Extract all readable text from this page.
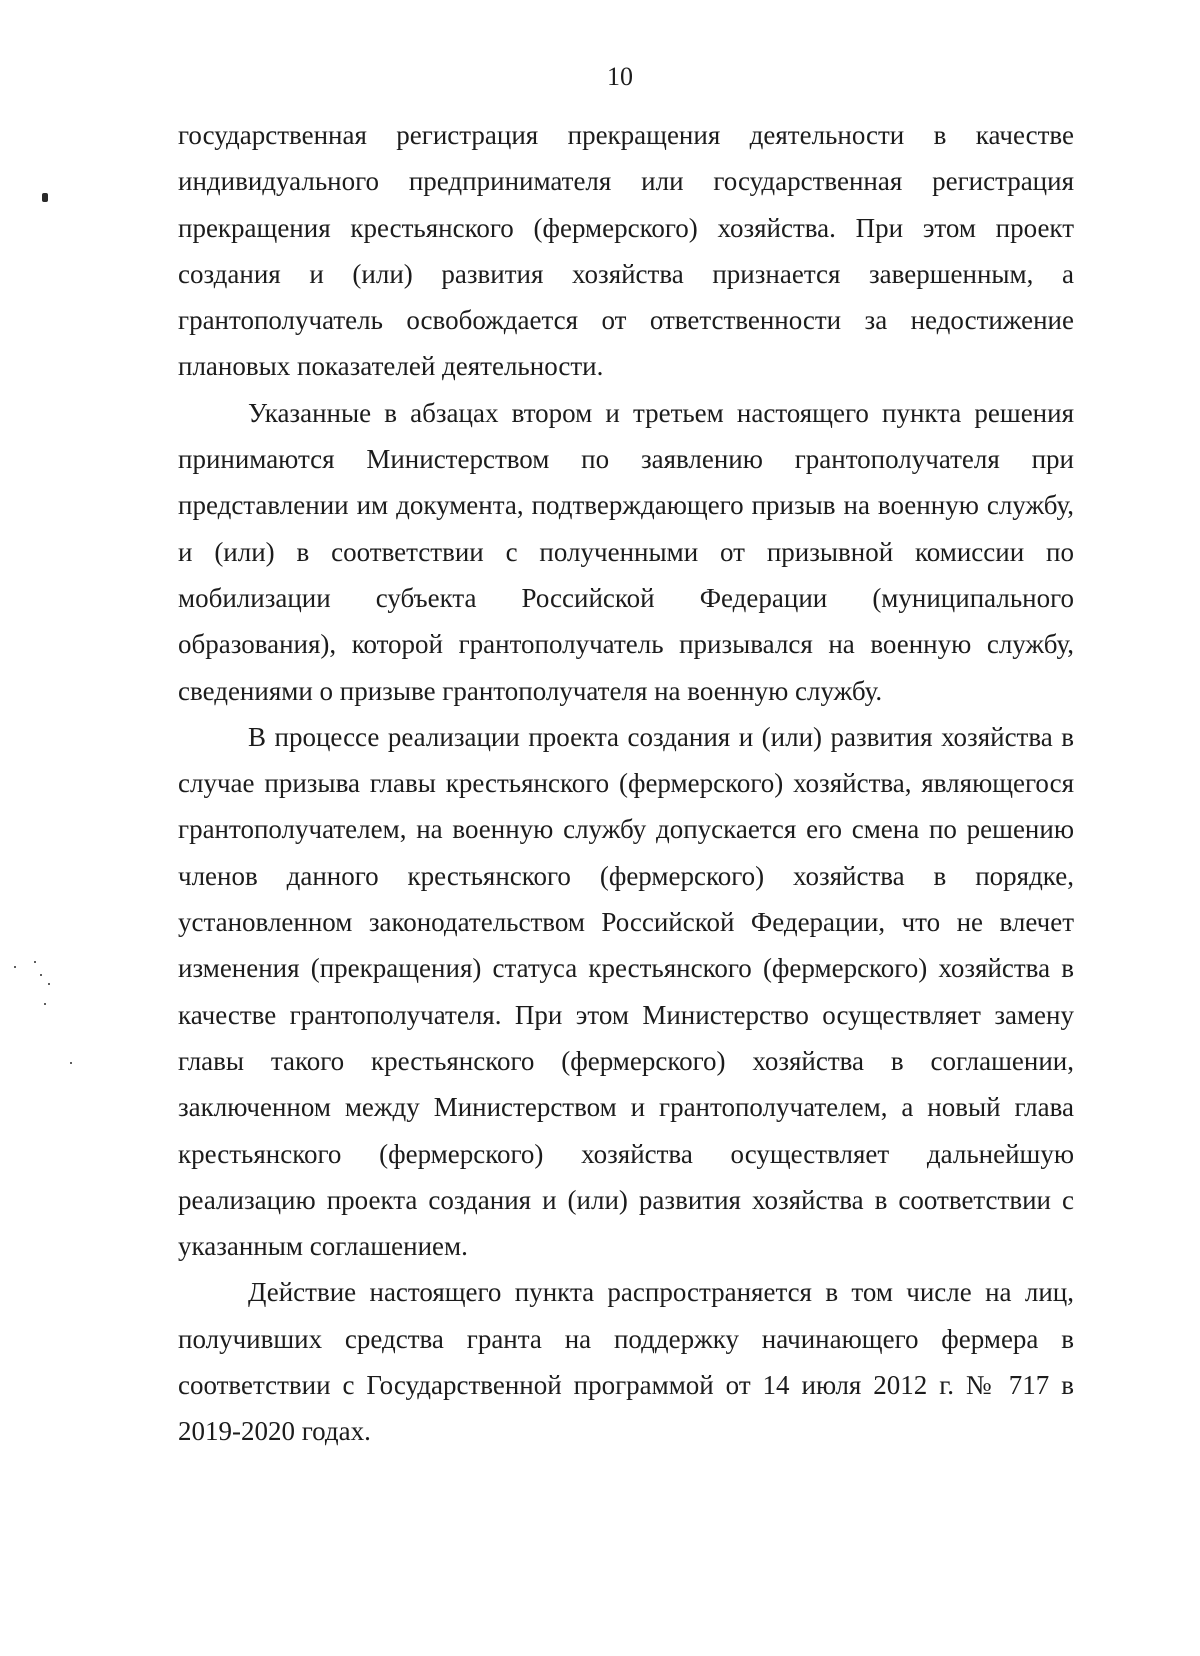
10

государственная регистрация прекращения деятельности в качестве индивидуального предпринимателя или государственная регистрация прекращения крестьянского (фермерского) хозяйства. При этом проект создания и (или) развития хозяйства признается завершенным, а грантополучатель освобождается от ответственности за недостижение плановых показателей деятельности.

Указанные в абзацах втором и третьем настоящего пункта решения принимаются Министерством по заявлению грантополучателя при представлении им документа, подтверждающего призыв на военную службу, и (или) в соответствии с полученными от призывной комиссии по мобилизации субъекта Российской Федерации (муниципального образования), которой грантополучатель призывался на военную службу, сведениями о призыве грантополучателя на военную службу.

В процессе реализации проекта создания и (или) развития хозяйства в случае призыва главы крестьянского (фермерского) хозяйства, являющегося грантополучателем, на военную службу допускается его смена по решению членов данного крестьянского (фермерского) хозяйства в порядке, установленном законодательством Российской Федерации, что не влечет изменения (прекращения) статуса крестьянского (фермерского) хозяйства в качестве грантополучателя. При этом Министерство осуществляет замену главы такого крестьянского (фермерского) хозяйства в соглашении, заключенном между Министерством и грантополучателем, а новый глава крестьянского (фермерского) хозяйства осуществляет дальнейшую реализацию проекта создания и (или) развития хозяйства в соответствии с указанным соглашением.

Действие настоящего пункта распространяется в том числе на лиц, получивших средства гранта на поддержку начинающего фермера в соответствии с Государственной программой от 14 июля 2012 г. № 717 в 2019-2020 годах.
